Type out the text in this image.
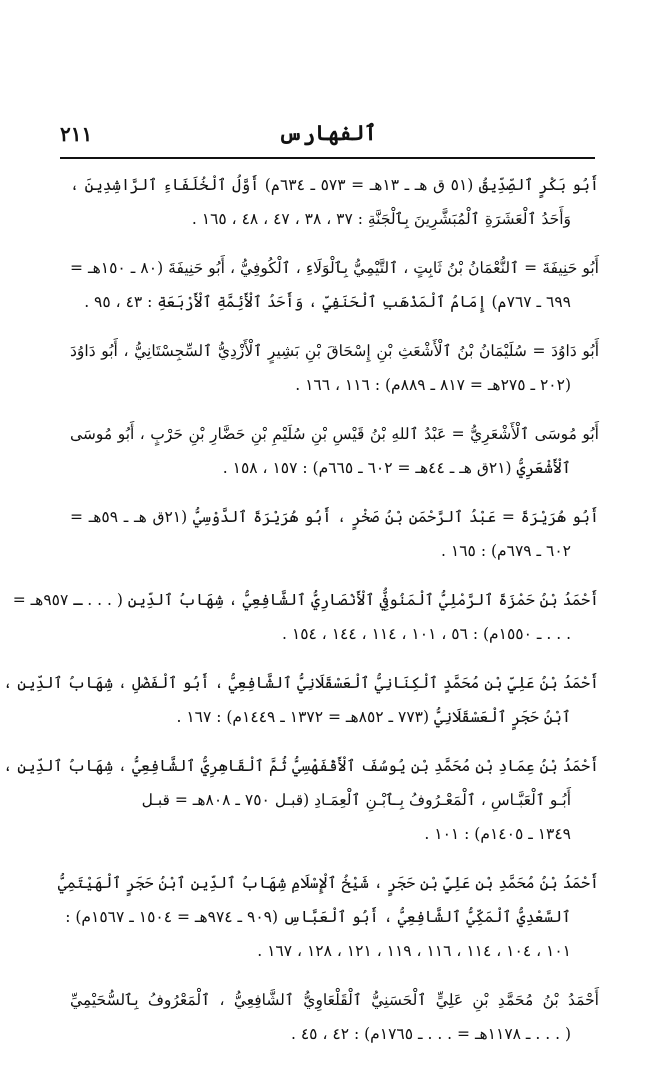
ٱلفهارس
٢١١
أَبُو بَكْرٍ ٱلصِّدِّيقُ (٥١ ق هـ ـ ١٣هـ = ٥٧٣ ـ ٦٣٤م) أَوَّلُ ٱلْخُلَفَاءِ ٱلرَّاشِدِينَ ،
وَأَحَدُ ٱلْعَشَرَةِ ٱلْمُبَشَّرِينَ بِٱلْجَنَّةِ : ٣٧ ، ٣٨ ، ٤٧ ، ٤٨ ، ١٦٥ .
أَبُو حَنِيفَةَ = ٱلنُّعْمَانُ بْنُ ثَابِتٍ ، ٱلتَّيْمِيُّ بِٱلْوَلَاءِ ، ٱلْكُوفِيُّ ، أَبُو حَنِيفَةَ (٨٠ ـ ١٥٠هـ =
٦٩٩ ـ ٧٦٧م) إِمَامُ ٱلْمَذْهَبِ ٱلْحَنَفِيِّ ، وَأَحَدُ ٱلْأَئِمَّةِ ٱلْأَرْبَعَةِ : ٤٣ ، ٩٥ .
أَبُو دَاوُدَ = سُلَيْمَانُ بْنُ ٱلْأَشْعَثِ بْنِ إِسْحَاقَ بْنِ بَشِيرٍ ٱلْأَزْدِيُّ ٱلسِّجِسْتَانِيُّ ، أَبُو دَاوُدَ
(٢٠٢ ـ ٢٧٥هـ = ٨١٧ ـ ٨٨٩م) : ١١٦ ، ١٦٦ .
أَبُو مُوسَى ٱلْأَشْعَرِيُّ = عَبْدُ ٱللهِ بْنُ قَيْسِ بْنِ سُلَيْمِ بْنِ حَضَّارِ بْنِ حَرْبٍ ، أَبُو مُوسَى
ٱلْأَشْعَرِيُّ (٢١ق هـ ـ ٤٤هـ = ٦٠٢ ـ ٦٦٥م) : ١٥٧ ، ١٥٨ .
أَبُو هُرَيْرَةَ = عَبْدُ ٱلرَّحْمَنِ بْنُ صَخْرٍ ، أَبُو هُرَيْرَةَ ٱلدَّوْسِيُّ (٢١ق هـ ـ ٥٩هـ =
٦٠٢ ـ ٦٧٩م) : ١٦٥ .
أَحْمَدُ بْنُ حَمْزَةَ ٱلرَّمْلِيُّ ٱلْمَنُوفِيُّ ٱلْأَنْصَارِيُّ ٱلشَّافِعِيُّ ، شِهَابُ ٱلدِّينِ ( . . . ـ ٩٥٧هـ =
. . . ـ ١٥٥٠م) : ٥٦ ، ١٠١ ، ١١٤ ، ١٤٤ ، ١٥٤ .
أَحْمَدُ بْنُ عَلِيِّ بْنِ مُحَمَّدٍ ٱلْكِنَانِيُّ ٱلْعَسْقَلَانِيُّ ٱلشَّافِعِيُّ ، أَبُو ٱلْفَضْلِ ، شِهَابُ ٱلدِّينِ ،
ٱبْنُ حَجَرٍ ٱلْعَسْقَلَانِيُّ (٧٧٣ ـ ٨٥٢هـ = ١٣٧٢ ـ ١٤٤٩م) : ١٦٧ .
أَحْمَدُ بْنُ عِمَادِ بْنِ مُحَمَّدِ بْنِ يُوسُفَ ٱلْأَقْفَهْسِيُّ ثُمَّ ٱلْقَاهِرِيُّ ٱلشَّافِعِيُّ ، شِهَابُ ٱلدِّينِ ،
أَبُـو ٱلْعَبَّـاسِ ، ٱلْمَعْـرُوفُ بِـٱبْـنِ ٱلْعِمَـادِ (قبـل ٧٥٠ ـ ٨٠٨هـ = قبـل
١٣٤٩ ـ ١٤٠٥م) : ١٠١ .
أَحْمَدُ بْنُ مُحَمَّدِ بْنِ عَلِيِّ بْنِ حَجَرٍ ، شَيْخُ ٱلْإِسْلَامِ شِهَابُ ٱلدِّينِ ٱبْنُ حَجَرٍ ٱلْهَيْتَمِيُّ
ٱلسَّعْدِيُّ ٱلْمَكِّيُّ ٱلشَّافِعِيُّ ، أَبُو ٱلْعَبَّاسِ (٩٠٩ ـ ٩٧٤هـ = ١٥٠٤ ـ ١٥٦٧م) :
١٠١ ، ١٠٤ ، ١١٤ ، ١١٦ ، ١١٩ ، ١٢١ ، ١٢٨ ، ١٦٧ .
أَحْمَدُ بْنُ مُحَمَّدِ بْنِ عَلِيٍّ ٱلْحَسَنِيُّ ٱلْقَلْعَاوِيُّ ٱلشَّافِعِيُّ ، ٱلْمَعْرُوفُ بِٱلسُّحَيْمِيِّ
( . . . ـ ١١٧٨هـ = . . . ـ ١٧٦٥م) : ٤٢ ، ٤٥ .
